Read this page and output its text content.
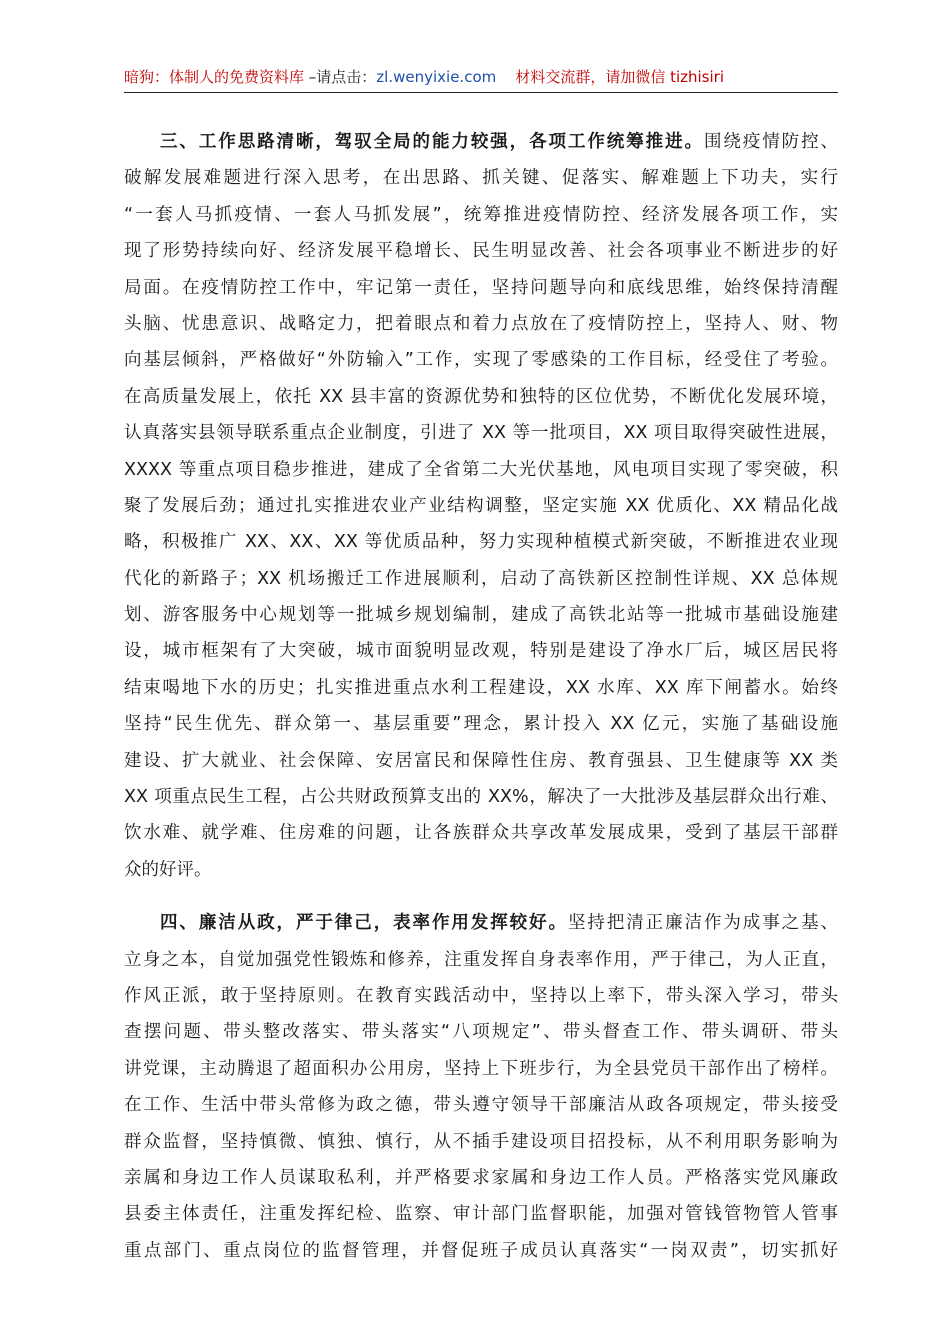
暗狗：体制人的免费资料库 –请点击：zl.wenyixie.com 材料交流群，请加微信 tizhisiri
三、工作思路清晰，驾驭全局的能力较强，各项工作统筹推进。围绕疫情防控、
破解发展难题进行深入思考，在出思路、抓关键、促落实、解难题上下功夫，实行
“一套人马抓疫情、一套人马抓发展”，统筹推进疫情防控、经济发展各项工作，实
现了形势持续向好、经济发展平稳增长、民生明显改善、社会各项事业不断进步的好
局面。在疫情防控工作中，牢记第一责任，坚持问题导向和底线思维，始终保持清醒
头脑、忧患意识、战略定力，把着眼点和着力点放在了疫情防控上，坚持人、财、物
向基层倾斜，严格做好“外防输入”工作，实现了零感染的工作目标，经受住了考验。
在高质量发展上，依托 XX 县丰富的资源优势和独特的区位优势，不断优化发展环境，
认真落实县领导联系重点企业制度，引进了 XX 等一批项目，XX 项目取得突破性进展，
XXXX 等重点项目稳步推进，建成了全省第二大光伏基地，风电项目实现了零突破，积
聚了发展后劲；通过扎实推进农业产业结构调整，坚定实施 XX 优质化、XX 精品化战
略，积极推广 XX、XX、XX 等优质品种，努力实现种植模式新突破，不断推进农业现
代化的新路子；XX 机场搬迁工作进展顺利，启动了高铁新区控制性详规、XX 总体规
划、游客服务中心规划等一批城乡规划编制，建成了高铁北站等一批城市基础设施建
设，城市框架有了大突破，城市面貌明显改观，特别是建设了净水厂后，城区居民将
结束喝地下水的历史；扎实推进重点水利工程建设，XX 水库、XX 库下闸蓄水。始终
坚持“民生优先、群众第一、基层重要”理念，累计投入 XX 亿元，实施了基础设施
建设、扩大就业、社会保障、安居富民和保障性住房、教育强县、卫生健康等 XX 类
XX 项重点民生工程，占公共财政预算支出的 XX%，解决了一大批涉及基层群众出行难、
饮水难、就学难、住房难的问题，让各族群众共享改革发展成果，受到了基层干部群
众的好评。
四、廉洁从政，严于律己，表率作用发挥较好。坚持把清正廉洁作为成事之基、
立身之本，自觉加强党性锻炼和修养，注重发挥自身表率作用，严于律己，为人正直，
作风正派，敢于坚持原则。在教育实践活动中，坚持以上率下，带头深入学习，带头
查摆问题、带头整改落实、带头落实“八项规定”、带头督查工作、带头调研、带头
讲党课，主动腾退了超面积办公用房，坚持上下班步行，为全县党员干部作出了榜样。
在工作、生活中带头常修为政之德，带头遵守领导干部廉洁从政各项规定，带头接受
群众监督，坚持慎微、慎独、慎行，从不插手建设项目招投标，从不利用职务影响为
亲属和身边工作人员谋取私利，并严格要求家属和身边工作人员。严格落实党风廉政
县委主体责任，注重发挥纪检、监察、审计部门监督职能，加强对管钱管物管人管事
重点部门、重点岗位的监督管理，并督促班子成员认真落实“一岗双责”，切实抓好
